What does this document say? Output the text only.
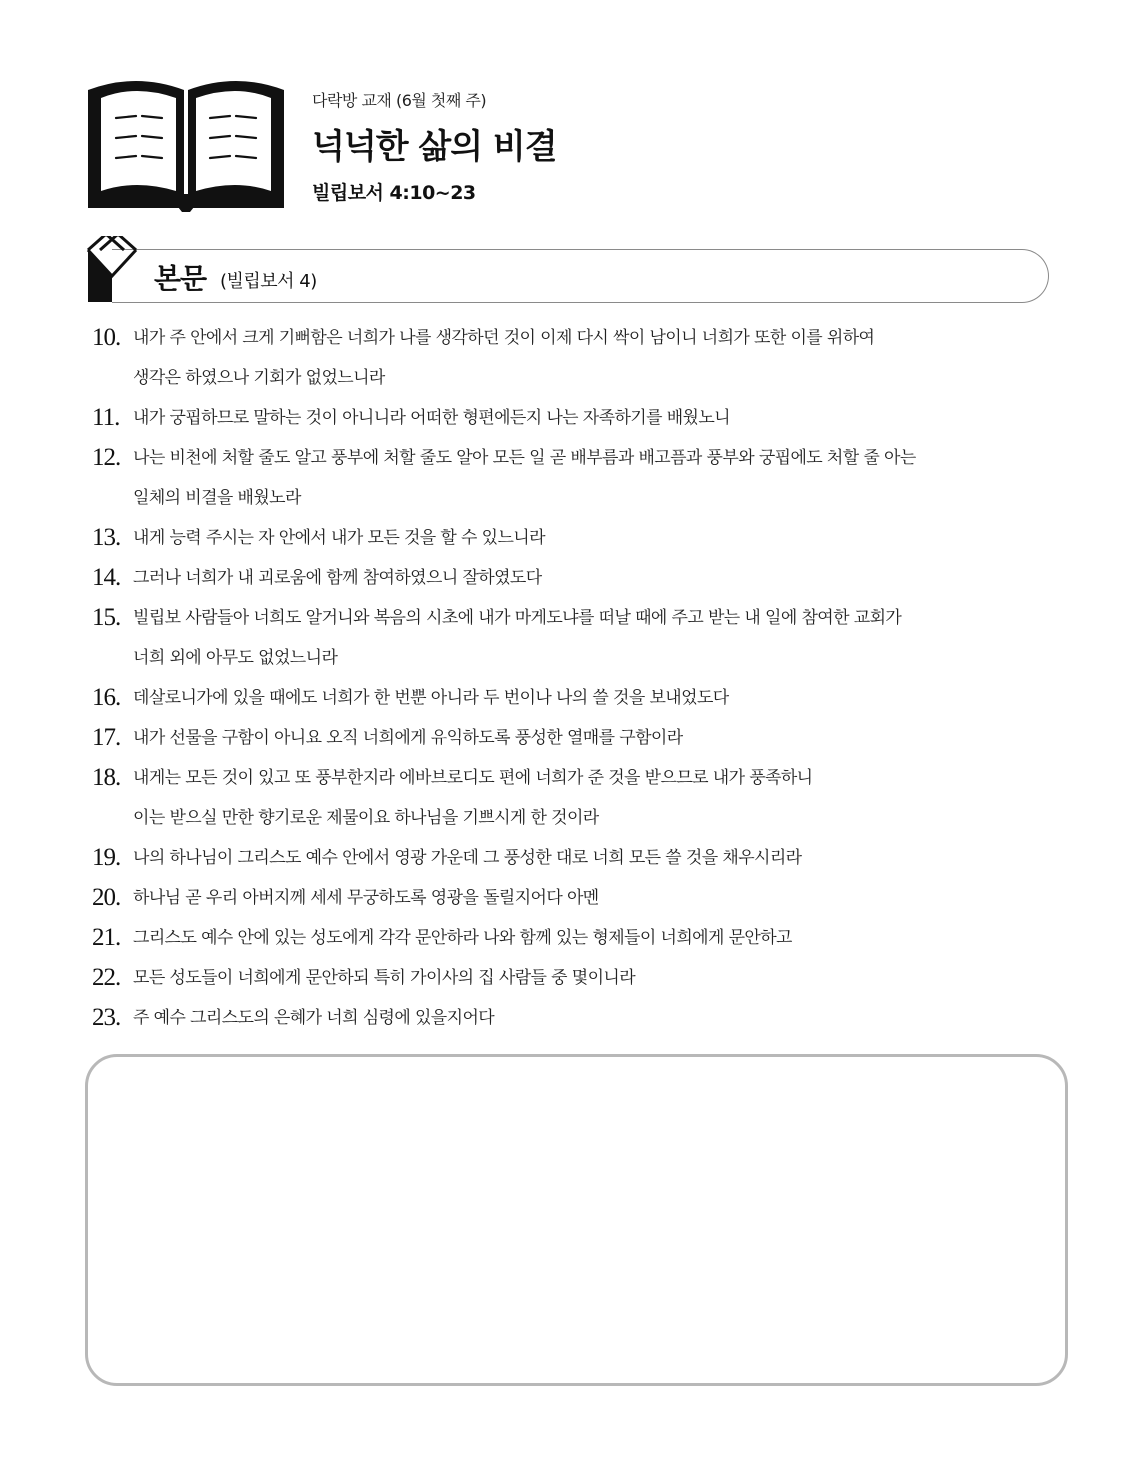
다락방 교재 (6월 첫째 주)
넉넉한 삶의 비결
빌립보서 4:10~23
본문 (빌립보서 4)
10. 내가 주 안에서 크게 기뻐함은 너희가 나를 생각하던 것이 이제 다시 싹이 남이니 너희가 또한 이를 위하여
생각은 하였으나 기회가 없었느니라
11. 내가 궁핍하므로 말하는 것이 아니니라 어떠한 형편에든지 나는 자족하기를 배웠노니
12. 나는 비천에 처할 줄도 알고 풍부에 처할 줄도 알아 모든 일 곧 배부름과 배고픔과 풍부와 궁핍에도 처할 줄 아는
일체의 비결을 배웠노라
13. 내게 능력 주시는 자 안에서 내가 모든 것을 할 수 있느니라
14. 그러나 너희가 내 괴로움에 함께 참여하였으니 잘하였도다
15. 빌립보 사람들아 너희도 알거니와 복음의 시초에 내가 마게도냐를 떠날 때에 주고 받는 내 일에 참여한 교회가
너희 외에 아무도 없었느니라
16. 데살로니가에 있을 때에도 너희가 한 번뿐 아니라 두 번이나 나의 쓸 것을 보내었도다
17. 내가 선물을 구함이 아니요 오직 너희에게 유익하도록 풍성한 열매를 구함이라
18. 내게는 모든 것이 있고 또 풍부한지라 에바브로디도 편에 너희가 준 것을 받으므로 내가 풍족하니
이는 받으실 만한 향기로운 제물이요 하나님을 기쁘시게 한 것이라
19. 나의 하나님이 그리스도 예수 안에서 영광 가운데 그 풍성한 대로 너희 모든 쓸 것을 채우시리라
20. 하나님 곧 우리 아버지께 세세 무궁하도록 영광을 돌릴지어다 아멘
21. 그리스도 예수 안에 있는 성도에게 각각 문안하라 나와 함께 있는 형제들이 너희에게 문안하고
22. 모든 성도들이 너희에게 문안하되 특히 가이사의 집 사람들 중 몇이니라
23. 주 예수 그리스도의 은혜가 너희 심령에 있을지어다
